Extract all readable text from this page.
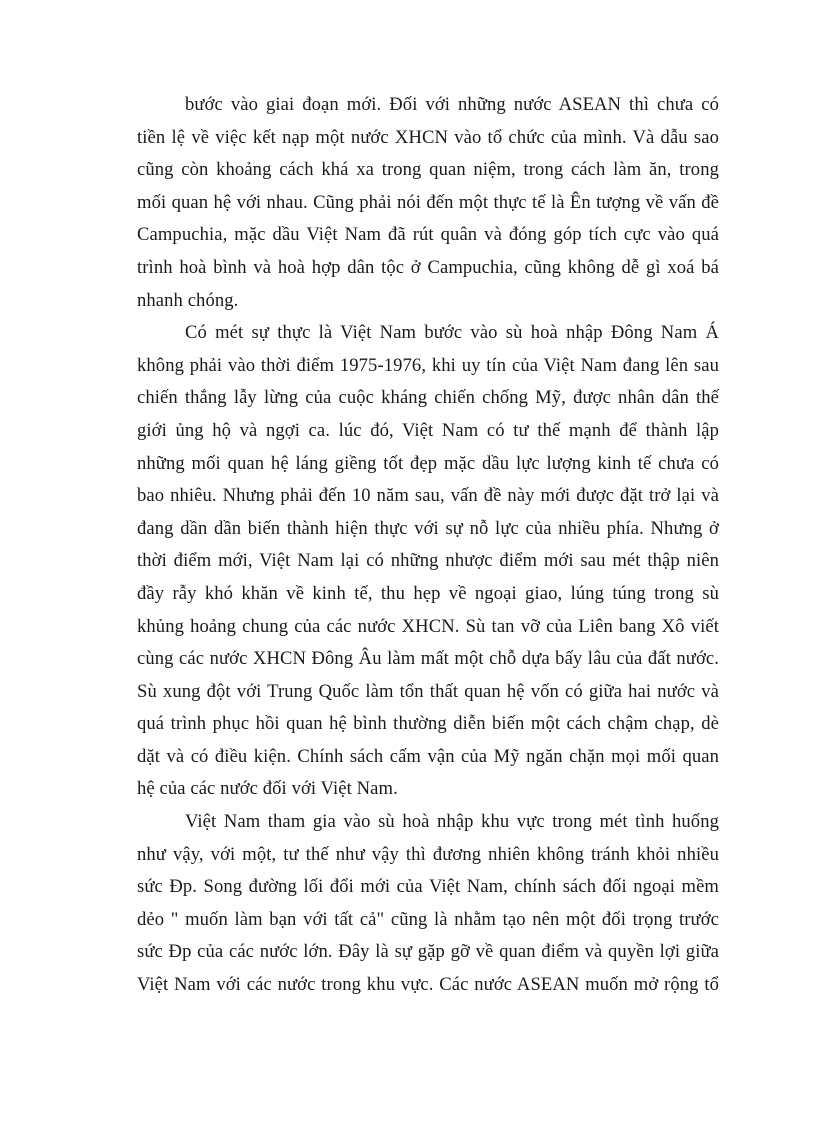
bước vào giai đoạn mới. Đối với những nước ASEAN thì chưa có
tiền lệ về việc kết nạp một nước XHCN vào tổ chức của mình. Và dẫu sao
cũng còn khoảng cách khá xa trong quan niệm, trong cách làm ăn, trong
mối quan hệ với nhau. Cũng phải nói đến một thực tế là Ên tượng về vấn đề
Campuchia, mặc dầu Việt Nam đã rút quân và đóng góp tích cực vào quá
trình hoà bình và hoà hợp dân tộc ở Campuchia, cũng không dễ gì xoá bá
nhanh chóng.
Có mét sự thực là Việt Nam bước vào sù hoà nhập Đông Nam Á
không phải vào thời điểm 1975-1976, khi uy tín của Việt Nam đang lên sau
chiến thắng lẫy lừng của cuộc kháng chiến chống Mỹ, được nhân dân thế
giới ủng hộ và ngợi ca. lúc đó, Việt Nam có tư thế mạnh để thành lập
những mối quan hệ láng giềng tốt đẹp mặc dầu lực lượng kinh tế chưa có
bao nhiêu. Nhưng phải đến 10 năm sau, vấn đề này mới được đặt trở lại và
đang dần dần biến thành hiện thực với sự nỗ lực của nhiều phía. Nhưng ở
thời điểm mới, Việt Nam lại có những nhược điểm mới sau mét thập niên
đầy rẫy khó khăn về kinh tế, thu hẹp về ngoại giao, lúng túng trong sù
khủng hoảng chung của các nước XHCN. Sù tan vỡ của Liên bang Xô viết
cùng các nước XHCN Đông Âu làm mất một chỗ dựa bấy lâu của đất nước.
Sù xung đột với Trung Quốc làm tổn thất quan hệ vốn có giữa hai nước và
quá trình phục hồi quan hệ bình thường diễn biến một cách chậm chạp, dè
dặt và có điều kiện. Chính sách cấm vận của Mỹ ngăn chặn mọi mối quan
hệ của các nước đối với Việt Nam.
Việt Nam tham gia vào sù hoà nhập khu vực trong mét tình huống
như vậy, với một, tư thế như vậy thì đương nhiên không tránh khỏi nhiều
sức Ðp. Song đường lối đổi mới của Việt Nam, chính sách đối ngoại mềm
dẻo " muốn làm bạn với tất cả" cũng là nhằm tạo nên một đối trọng trước
sức Ðp của các nước lớn. Đây là sự gặp gỡ về quan điểm và quyền lợi giữa
Việt Nam với các nước trong khu vực. Các nước ASEAN muốn mở rộng tổ
